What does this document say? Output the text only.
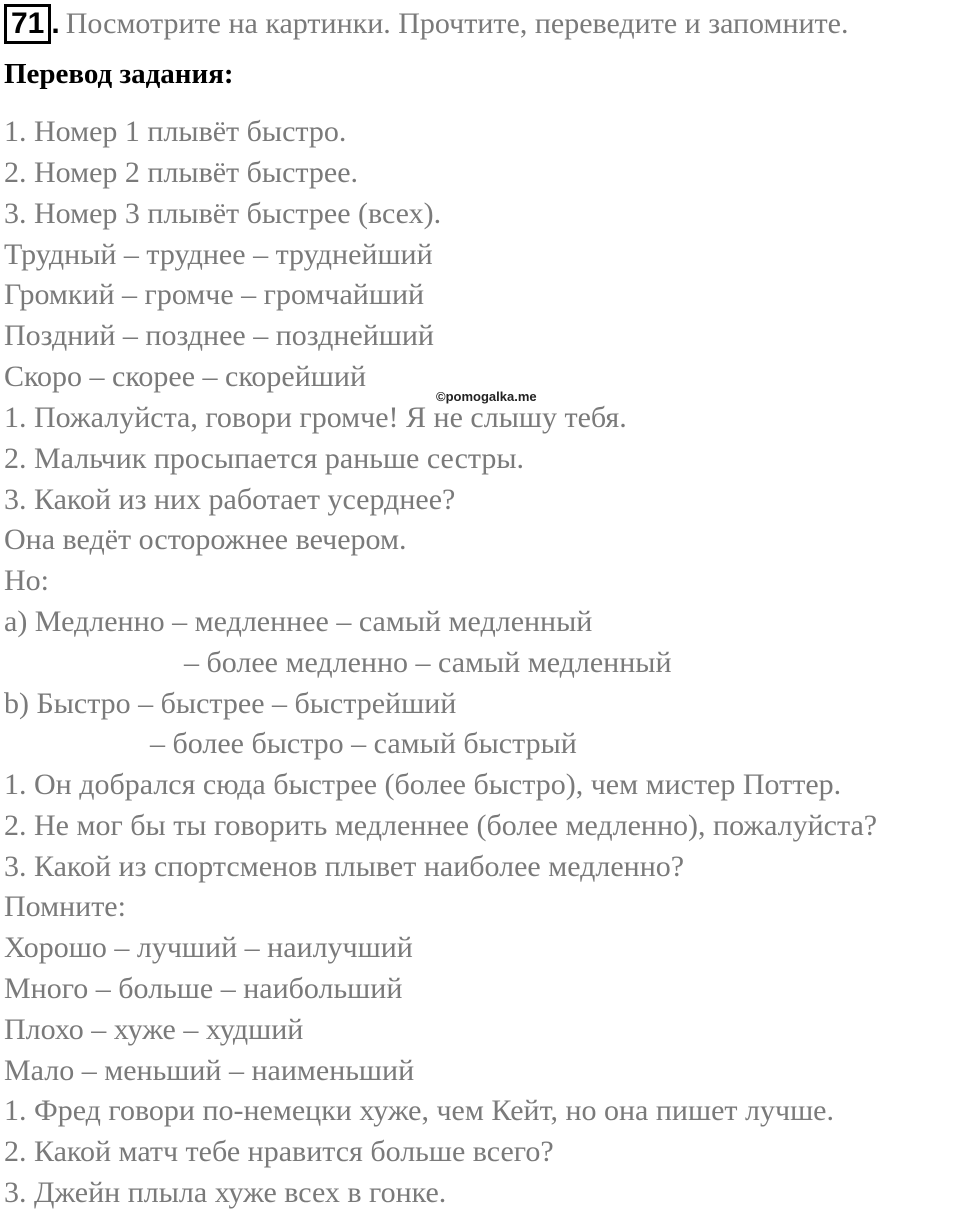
71 . Посмотрите на картинки. Прочтите, переведите и запомните.
Перевод задания:
1. Номер 1 плывёт быстро.
2. Номер 2 плывёт быстрее.
3. Номер 3 плывёт быстрее (всех).
Трудный – труднее – труднейший
Громкий – громче – громчайший
Поздний – позднее – позднейший
Скоро – скорее – скорейший
©pomogalka.me
1. Пожалуйста, говори громче! Я не слышу тебя.
2. Мальчик просыпается раньше сестры.
3. Какой из них работает усерднее?
Она ведёт осторожнее вечером.
Но:
a) Медленно – медленнее – самый медленный
– более медленно – самый медленный
b) Быстро – быстрее – быстрейший
– более быстро – самый быстрый
1. Он добрался сюда быстрее (более быстро), чем мистер Поттер.
2. Не мог бы ты говорить медленнее (более медленно), пожалуйста?
3. Какой из спортсменов плывет наиболее медленно?
Помните:
Хорошо – лучший – наилучший
Много – больше – наибольший
Плохо – хуже – худший
Мало – меньший – наименьший
1. Фред говори по-немецки хуже, чем Кейт, но она пишет лучше.
2. Какой матч тебе нравится больше всего?
3. Джейн плыла хуже всех в гонке.
